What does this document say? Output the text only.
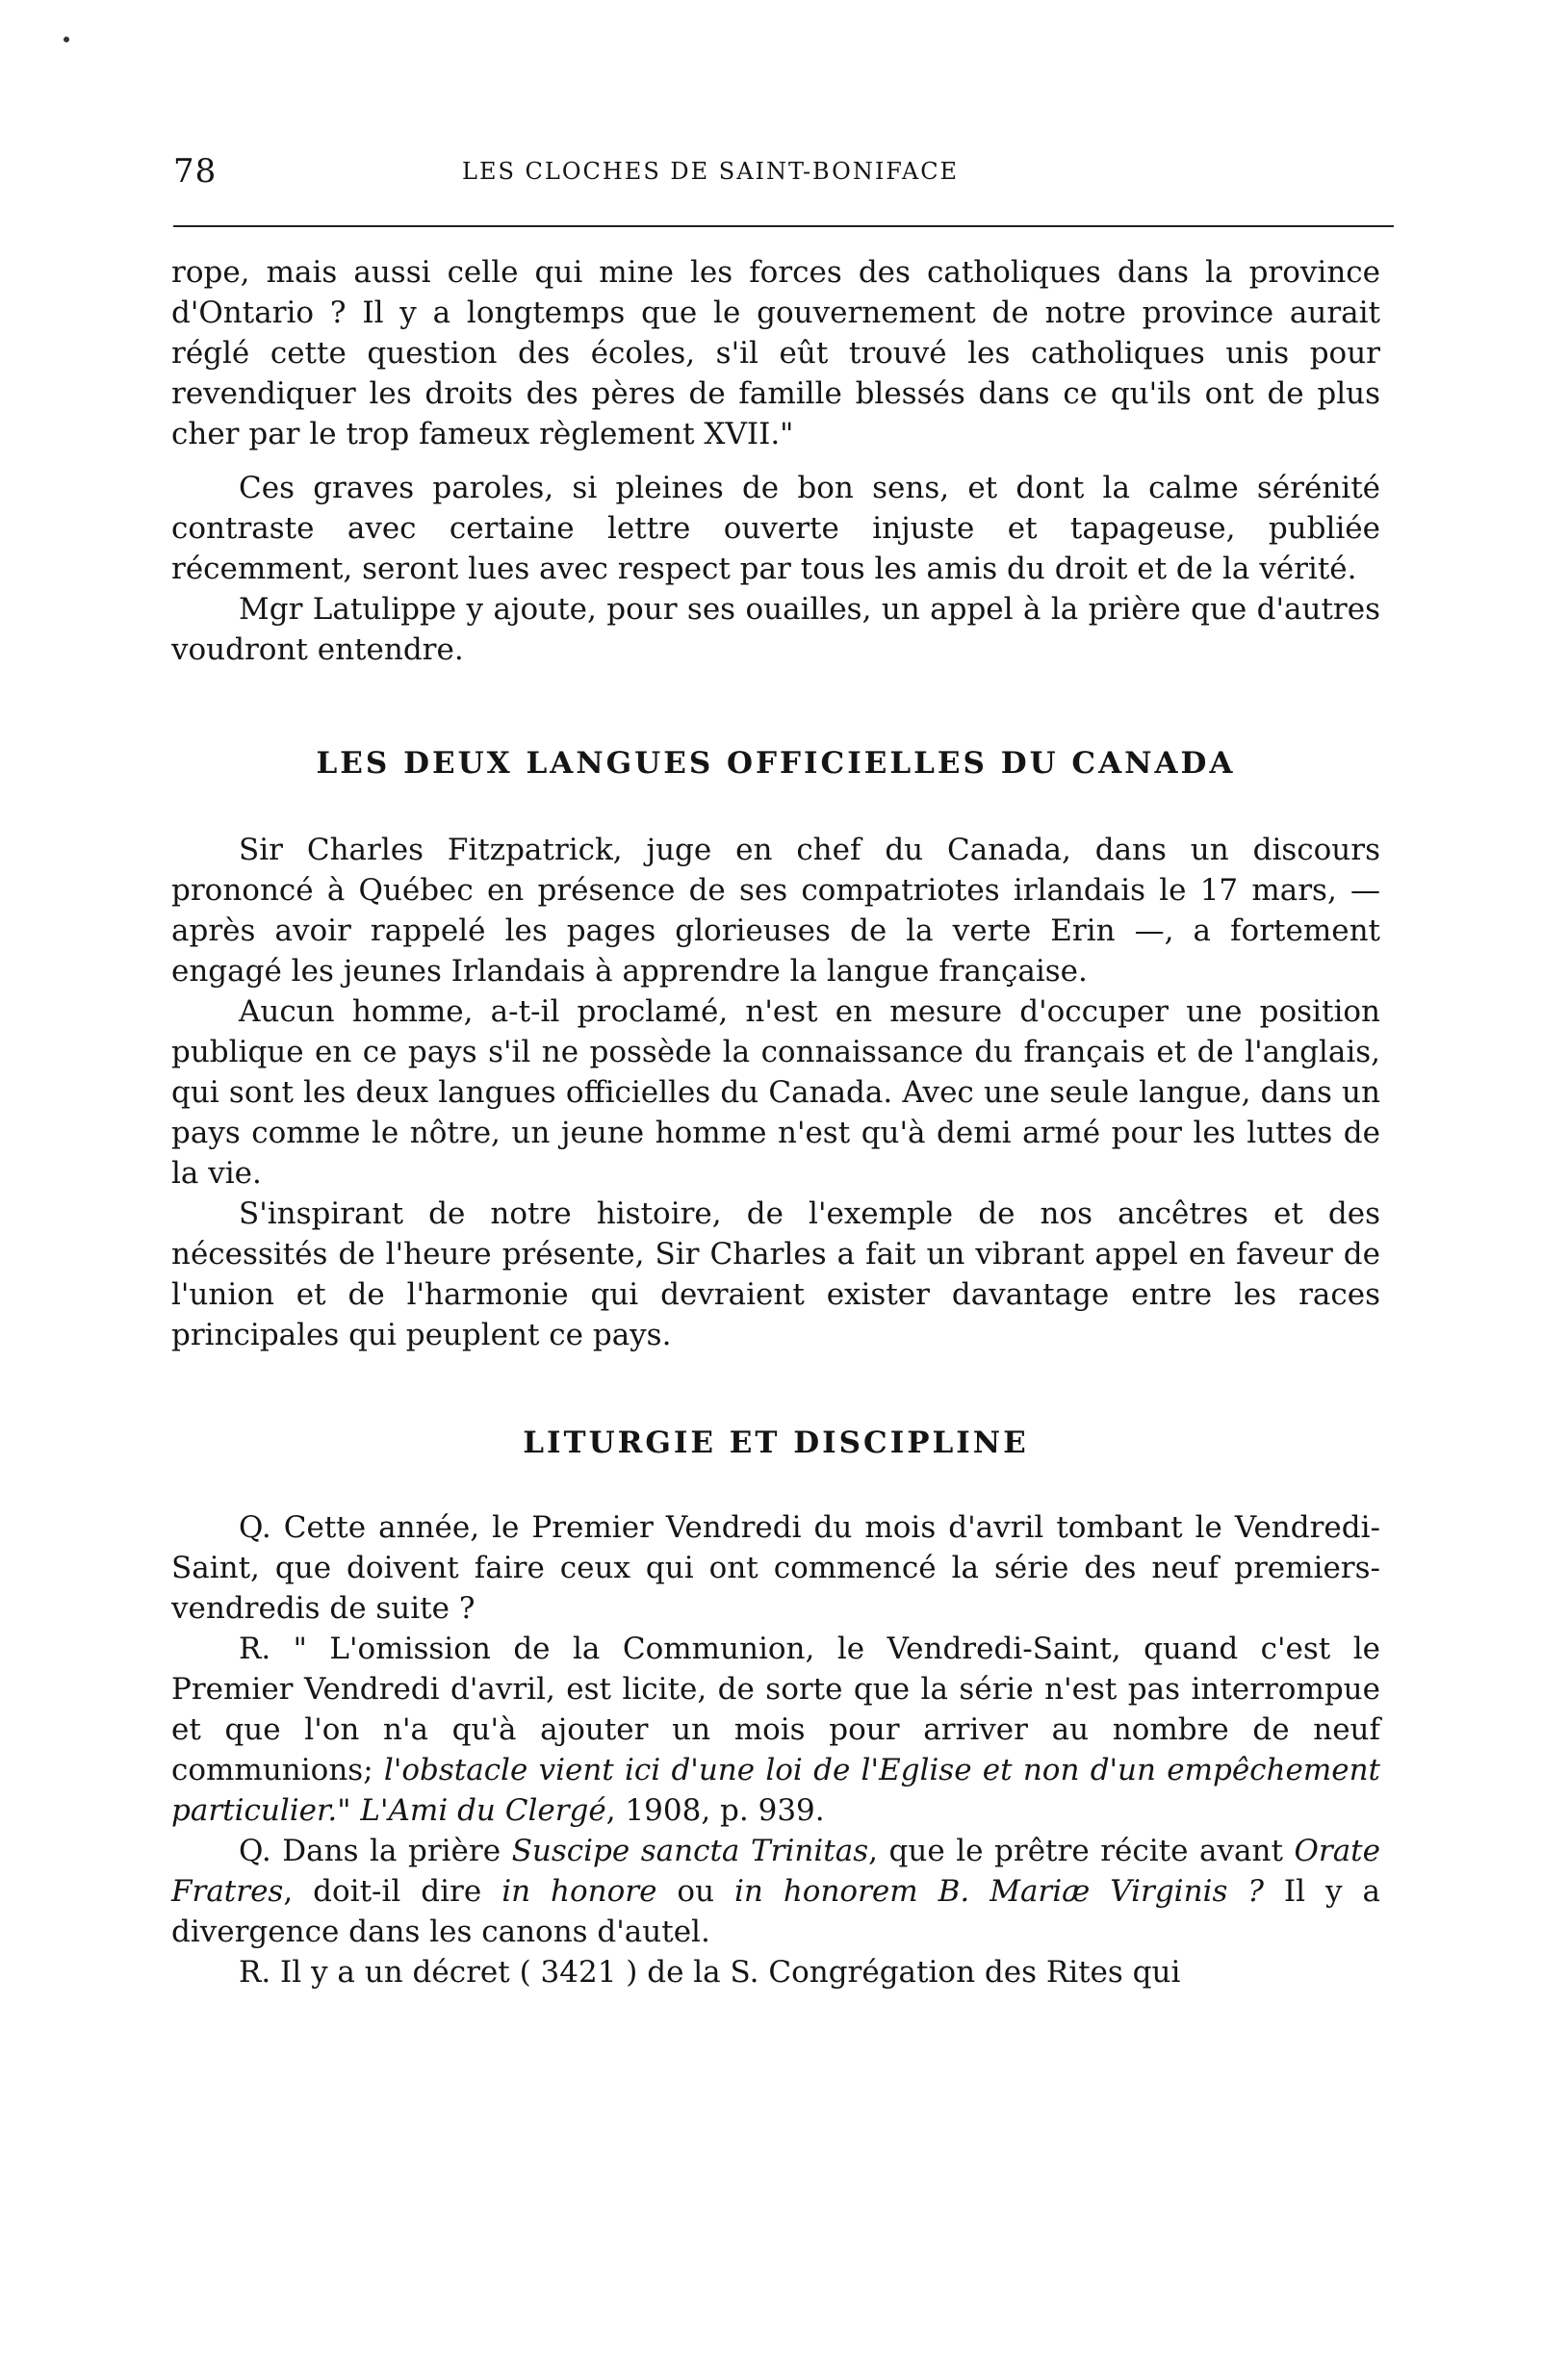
78	LES CLOCHES DE SAINT-BONIFACE

rope, mais aussi celle qui mine les forces des catholiques dans la province d'Ontario ? Il y a longtemps que le gouvernement de notre province aurait réglé cette question des écoles, s'il eût trouvé les catholiques unis pour revendiquer les droits des pères de famille blessés dans ce qu'ils ont de plus cher par le trop fameux règlement XVII."

Ces graves paroles, si pleines de bon sens, et dont la calme sérénité contraste avec certaine lettre ouverte injuste et tapageuse, publiée récemment, seront lues avec respect par tous les amis du droit et de la vérité.

Mgr Latulippe y ajoute, pour ses ouailles, un appel à la prière que d'autres voudront entendre.

LES DEUX LANGUES OFFICIELLES DU CANADA

Sir Charles Fitzpatrick, juge en chef du Canada, dans un discours prononcé à Québec en présence de ses compatriotes irlandais le 17 mars, — après avoir rappelé les pages glorieuses de la verte Erin —, a fortement engagé les jeunes Irlandais à apprendre la langue française.

Aucun homme, a-t-il proclamé, n'est en mesure d'occuper une position publique en ce pays s'il ne possède la connaissance du français et de l'anglais, qui sont les deux langues officielles du Canada. Avec une seule langue, dans un pays comme le nôtre, un jeune homme n'est qu'à demi armé pour les luttes de la vie.

S'inspirant de notre histoire, de l'exemple de nos ancêtres et des nécessités de l'heure présente, Sir Charles a fait un vibrant appel en faveur de l'union et de l'harmonie qui devraient exister davantage entre les races principales qui peuplent ce pays.

LITURGIE ET DISCIPLINE

Q. Cette année, le Premier Vendredi du mois d'avril tombant le Vendredi-Saint, que doivent faire ceux qui ont commencé la série des neuf premiers-vendredis de suite ?

R. " L'omission de la Communion, le Vendredi-Saint, quand c'est le Premier Vendredi d'avril, est licite, de sorte que la série n'est pas interrompue et que l'on n'a qu'à ajouter un mois pour arriver au nombre de neuf communions; l'obstacle vient ici d'une loi de l'Eglise et non d'un empêchement particulier." L'Ami du Clergé, 1908, p. 939.

Q. Dans la prière Suscipe sancta Trinitas, que le prêtre récite avant Orate Fratres, doit-il dire in honore ou in honorem B. Mariæ Virginis ? Il y a divergence dans les canons d'autel.

R. Il y a un décret ( 3421 ) de la S. Congrégation des Rites qui
